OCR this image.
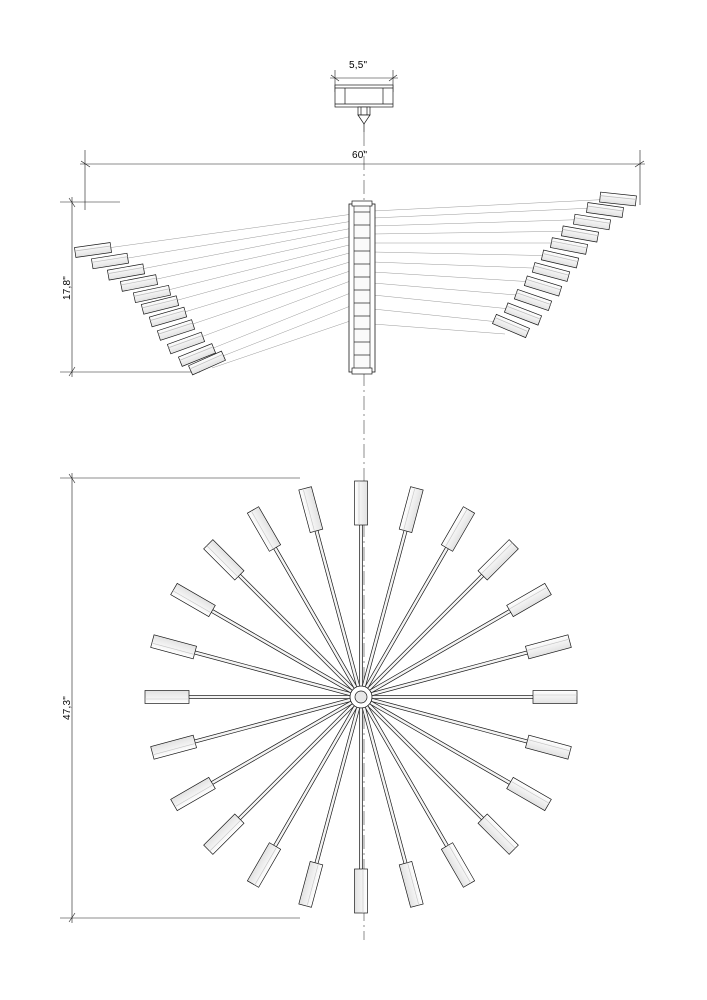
5,5"
60"
17,8"
47,3"
